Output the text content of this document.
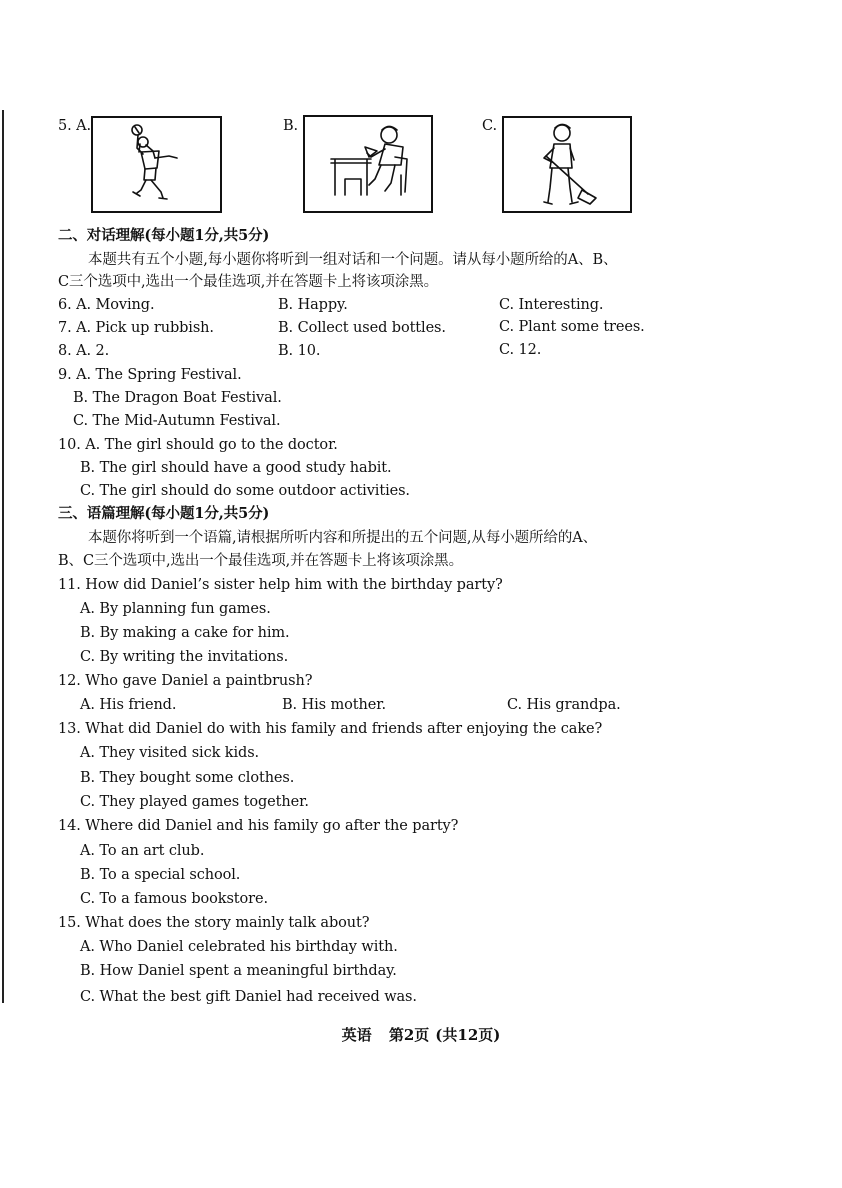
5. A.	B.	C.
二、对话理解(每小题1分,共5分)
本题共有五个小题,每小题你将听到一组对话和一个问题。请从每小题所给的A、B、
C三个选项中,选出一个最佳选项,并在答题卡上将该项涂黑。
6. A. Moving.	B. Happy.	C. Interesting.
7. A. Pick up rubbish.	B. Collect used bottles.	C. Plant some trees.
8. A. 2.	B. 10.	C. 12.
9. A. The Spring Festival.
B. The Dragon Boat Festival.
C. The Mid-Autumn Festival.
10. A. The girl should go to the doctor.
B. The girl should have a good study habit.
C. The girl should do some outdoor activities.
三、语篇理解(每小题1分,共5分)
本题你将听到一个语篇,请根据所听内容和所提出的五个问题,从每小题所给的A、
B、C三个选项中,选出一个最佳选项,并在答题卡上将该项涂黑。
11. How did Daniel’s sister help him with the birthday party?
A. By planning fun games.
B. By making a cake for him.
C. By writing the invitations.
12. Who gave Daniel a paintbrush?
A. His friend.	B. His mother.	C. His grandpa.
13. What did Daniel do with his family and friends after enjoying the cake?
A. They visited sick kids.
B. They bought some clothes.
C. They played games together.
14. Where did Daniel and his family go after the party?
A. To an art club.
B. To a special school.
C. To a famous bookstore.
15. What does the story mainly talk about?
A. Who Daniel celebrated his birthday with.
B. How Daniel spent a meaningful birthday.
C. What the best gift Daniel had received was.
英语 第2页 (共12页)
